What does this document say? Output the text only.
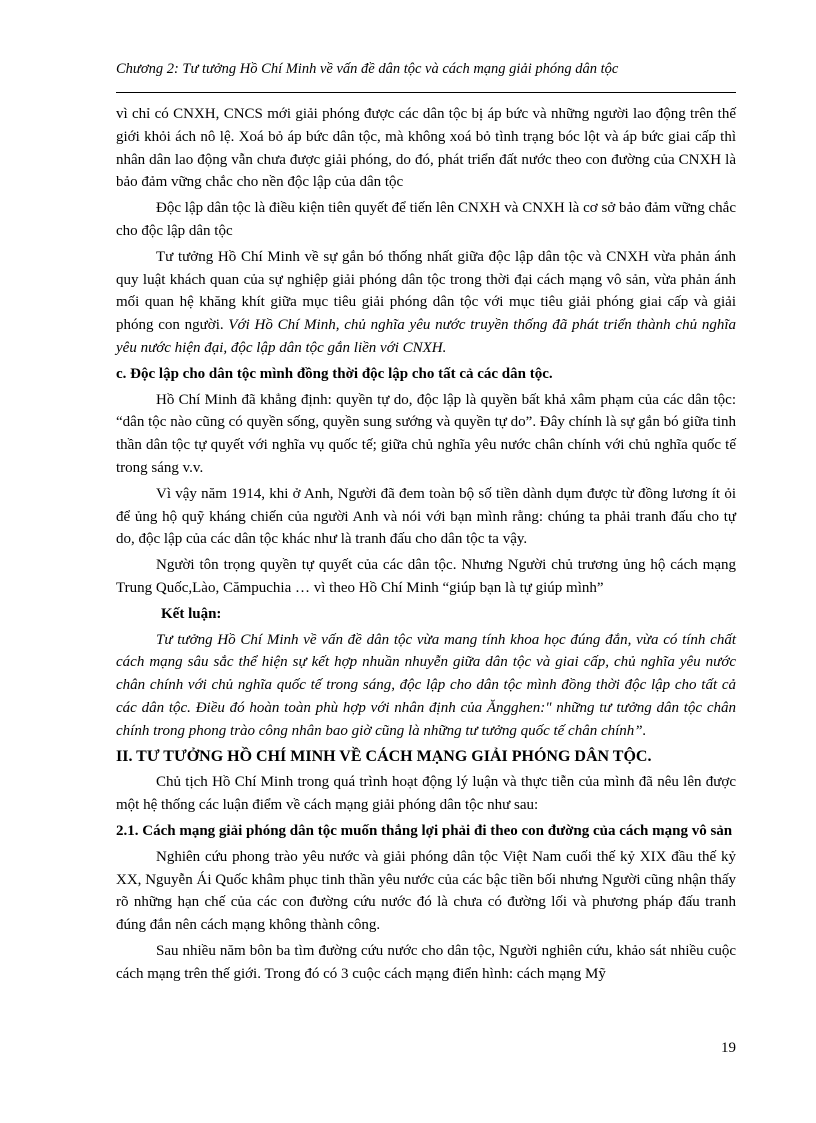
Chương 2: Tư tưởng Hồ Chí Minh về vấn đề dân tộc và cách mạng giải phóng dân tộc

vì chỉ có CNXH, CNCS mới giải phóng được các dân tộc bị áp bức và những người lao động trên thế giới khỏi ách nô lệ. Xoá bỏ áp bức dân tộc, mà không xoá bỏ tình trạng bóc lột và áp bức giai cấp thì nhân dân lao động vẫn chưa được giải phóng, do đó, phát triển đất nước theo con đường của CNXH là bảo đảm vững chắc cho nền độc lập của dân tộc

Độc lập dân tộc là điều kiện tiên quyết để tiến lên CNXH và CNXH là cơ sở bảo đảm vững chắc cho độc lập dân tộc

Tư tưởng Hồ Chí Minh về sự gắn bó thống nhất giữa độc lập dân tộc và CNXH vừa phản ánh quy luật khách quan của sự nghiệp giải phóng dân tộc trong thời đại cách mạng vô sản, vừa phản ánh mối quan hệ khăng khít giữa mục tiêu giải phóng dân tộc với mục tiêu giải phóng giai cấp và giải phóng con người. Với Hồ Chí Minh, chủ nghĩa yêu nước truyền thống đã phát triển thành chủ nghĩa yêu nước hiện đại, độc lập dân tộc gắn liền với CNXH.

c. Độc lập cho dân tộc mình đồng thời độc lập cho tất cả các dân tộc.

Hồ Chí Minh đã khẳng định: quyền tự do, độc lập là quyền bất khả xâm phạm của các dân tộc: “dân tộc nào cũng có quyền sống, quyền sung sướng và quyền tự do”. Đây chính là sự gắn bó giữa tinh thần dân tộc tự quyết với nghĩa vụ quốc tế; giữa chủ nghĩa yêu nước chân chính với chủ nghĩa quốc tế trong sáng v.v.

Vì vậy năm 1914, khi ở Anh, Người đã đem toàn bộ số tiền dành dụm được từ đồng lương ít ỏi để ủng hộ quỹ kháng chiến của người Anh và nói với bạn mình rằng: chúng ta phải tranh đấu cho tự do, độc lập của các dân tộc khác như là tranh đấu cho dân tộc ta vậy.

Người tôn trọng quyền tự quyết của các dân tộc. Nhưng Người chủ trương ủng hộ cách mạng Trung Quốc,Lào, Cămpuchia … vì theo Hồ Chí Minh “giúp bạn là tự giúp mình”

Kết luận:

Tư tưởng Hồ Chí Minh về vấn đề dân tộc vừa mang tính khoa học đúng đắn, vừa có tính chất cách mạng sâu sắc thể hiện sự kết hợp nhuần nhuyễn giữa dân tộc và giai cấp, chủ nghĩa yêu nước chân chính với chủ nghĩa quốc tế trong sáng, độc lập cho dân tộc mình đồng thời độc lập cho tất cả các dân tộc. Điều đó hoàn toàn phù hợp với nhân định của Ăngghen:" những tư tưởng dân tộc chân chính trong phong trào công nhân bao giờ cũng là những tư tưởng quốc tế chân chính”.

II. TƯ TƯỞNG HỒ CHÍ MINH VỀ CÁCH MẠNG GIẢI PHÓNG DÂN TỘC.

Chủ tịch Hồ Chí Minh trong quá trình hoạt động lý luận và thực tiễn của mình đã nêu lên được một hệ thống các luận điểm về cách mạng giải phóng dân tộc như sau:

2.1. Cách mạng giải phóng dân tộc muốn thắng lợi phải đi theo con đường của cách mạng vô sản

Nghiên cứu phong trào yêu nước và giải phóng dân tộc Việt Nam cuối thế kỷ XIX đầu thế kỷ XX, Nguyễn Ái Quốc khâm phục tinh thần yêu nước của các bậc tiền bối nhưng Người cũng nhận thấy rõ những hạn chế của các con đường cứu nước đó là chưa có đường lối và phương pháp đấu tranh đúng đắn nên cách mạng không thành công.

Sau nhiều năm bôn ba tìm đường cứu nước cho dân tộc, Người nghiên cứu, khảo sát nhiều cuộc cách mạng trên thế giới. Trong đó có 3 cuộc cách mạng điển hình: cách mạng Mỹ

19
